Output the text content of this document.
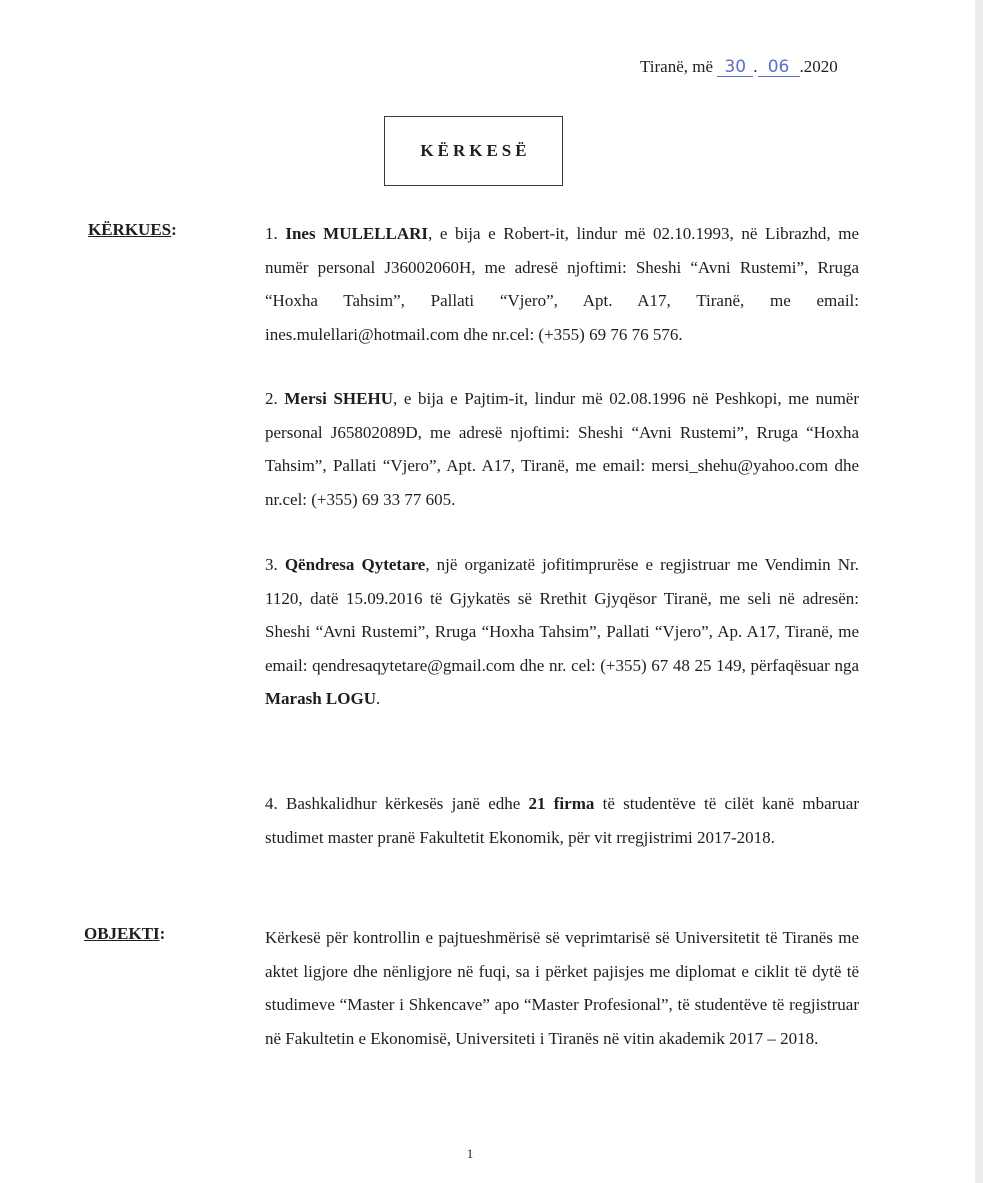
Tiranë, më 30 . 06 .2020
KËRKESË
KËRKUES:	1. Ines MULELLARI, e bija e Robert-it, lindur më 02.10.1993, në Librazhd, me numër personal J36002060H, me adresë njoftimi: Sheshi “Avni Rustemi”, Rruga “Hoxha Tahsim”, Pallati “Vjero”, Apt. A17, Tiranë, me email: ines.mulellari@hotmail.com dhe nr.cel: (+355) 69 76 76 576.
2. Mersi SHEHU, e bija e Pajtim-it, lindur më 02.08.1996 në Peshkopi, me numër personal J65802089D, me adresë njoftimi: Sheshi “Avni Rustemi”, Rruga “Hoxha Tahsim”, Pallati “Vjero”, Apt. A17, Tiranë, me email: mersi_shehu@yahoo.com dhe nr.cel: (+355) 69 33 77 605.
3. Qëndresa Qytetare, një organizatë jofitimprurëse e regjistruar me Vendimin Nr. 1120, datë 15.09.2016 të Gjykatës së Rrethit Gjyqësor Tiranë, me seli në adresën: Sheshi “Avni Rustemi”, Rruga “Hoxha Tahsim”, Pallati “Vjero”, Ap. A17, Tiranë, me email: qendresaqytetare@gmail.com dhe nr. cel: (+355) 67 48 25 149, përfaqësuar nga Marash LOGU.
4. Bashkalidhur kërkesës janë edhe 21 firma të studentëve të cilët kanë mbaruar studimet master pranë Fakultetit Ekonomik, për vit rregjistrimi 2017-2018.
OBJEKTI:	Kërkesë për kontrollin e pajtueshmërisë së veprimtarisë së Universitetit të Tiranës me aktet ligjore dhe nënligjore në fuqi, sa i përket pajisjes me diplomat e ciklit të dytë të studimeve “Master i Shkencave” apo “Master Profesional”, të studentëve të regjistruar në Fakultetin e Ekonomisë, Universiteti i Tiranës në vitin akademik 2017 – 2018.
1
